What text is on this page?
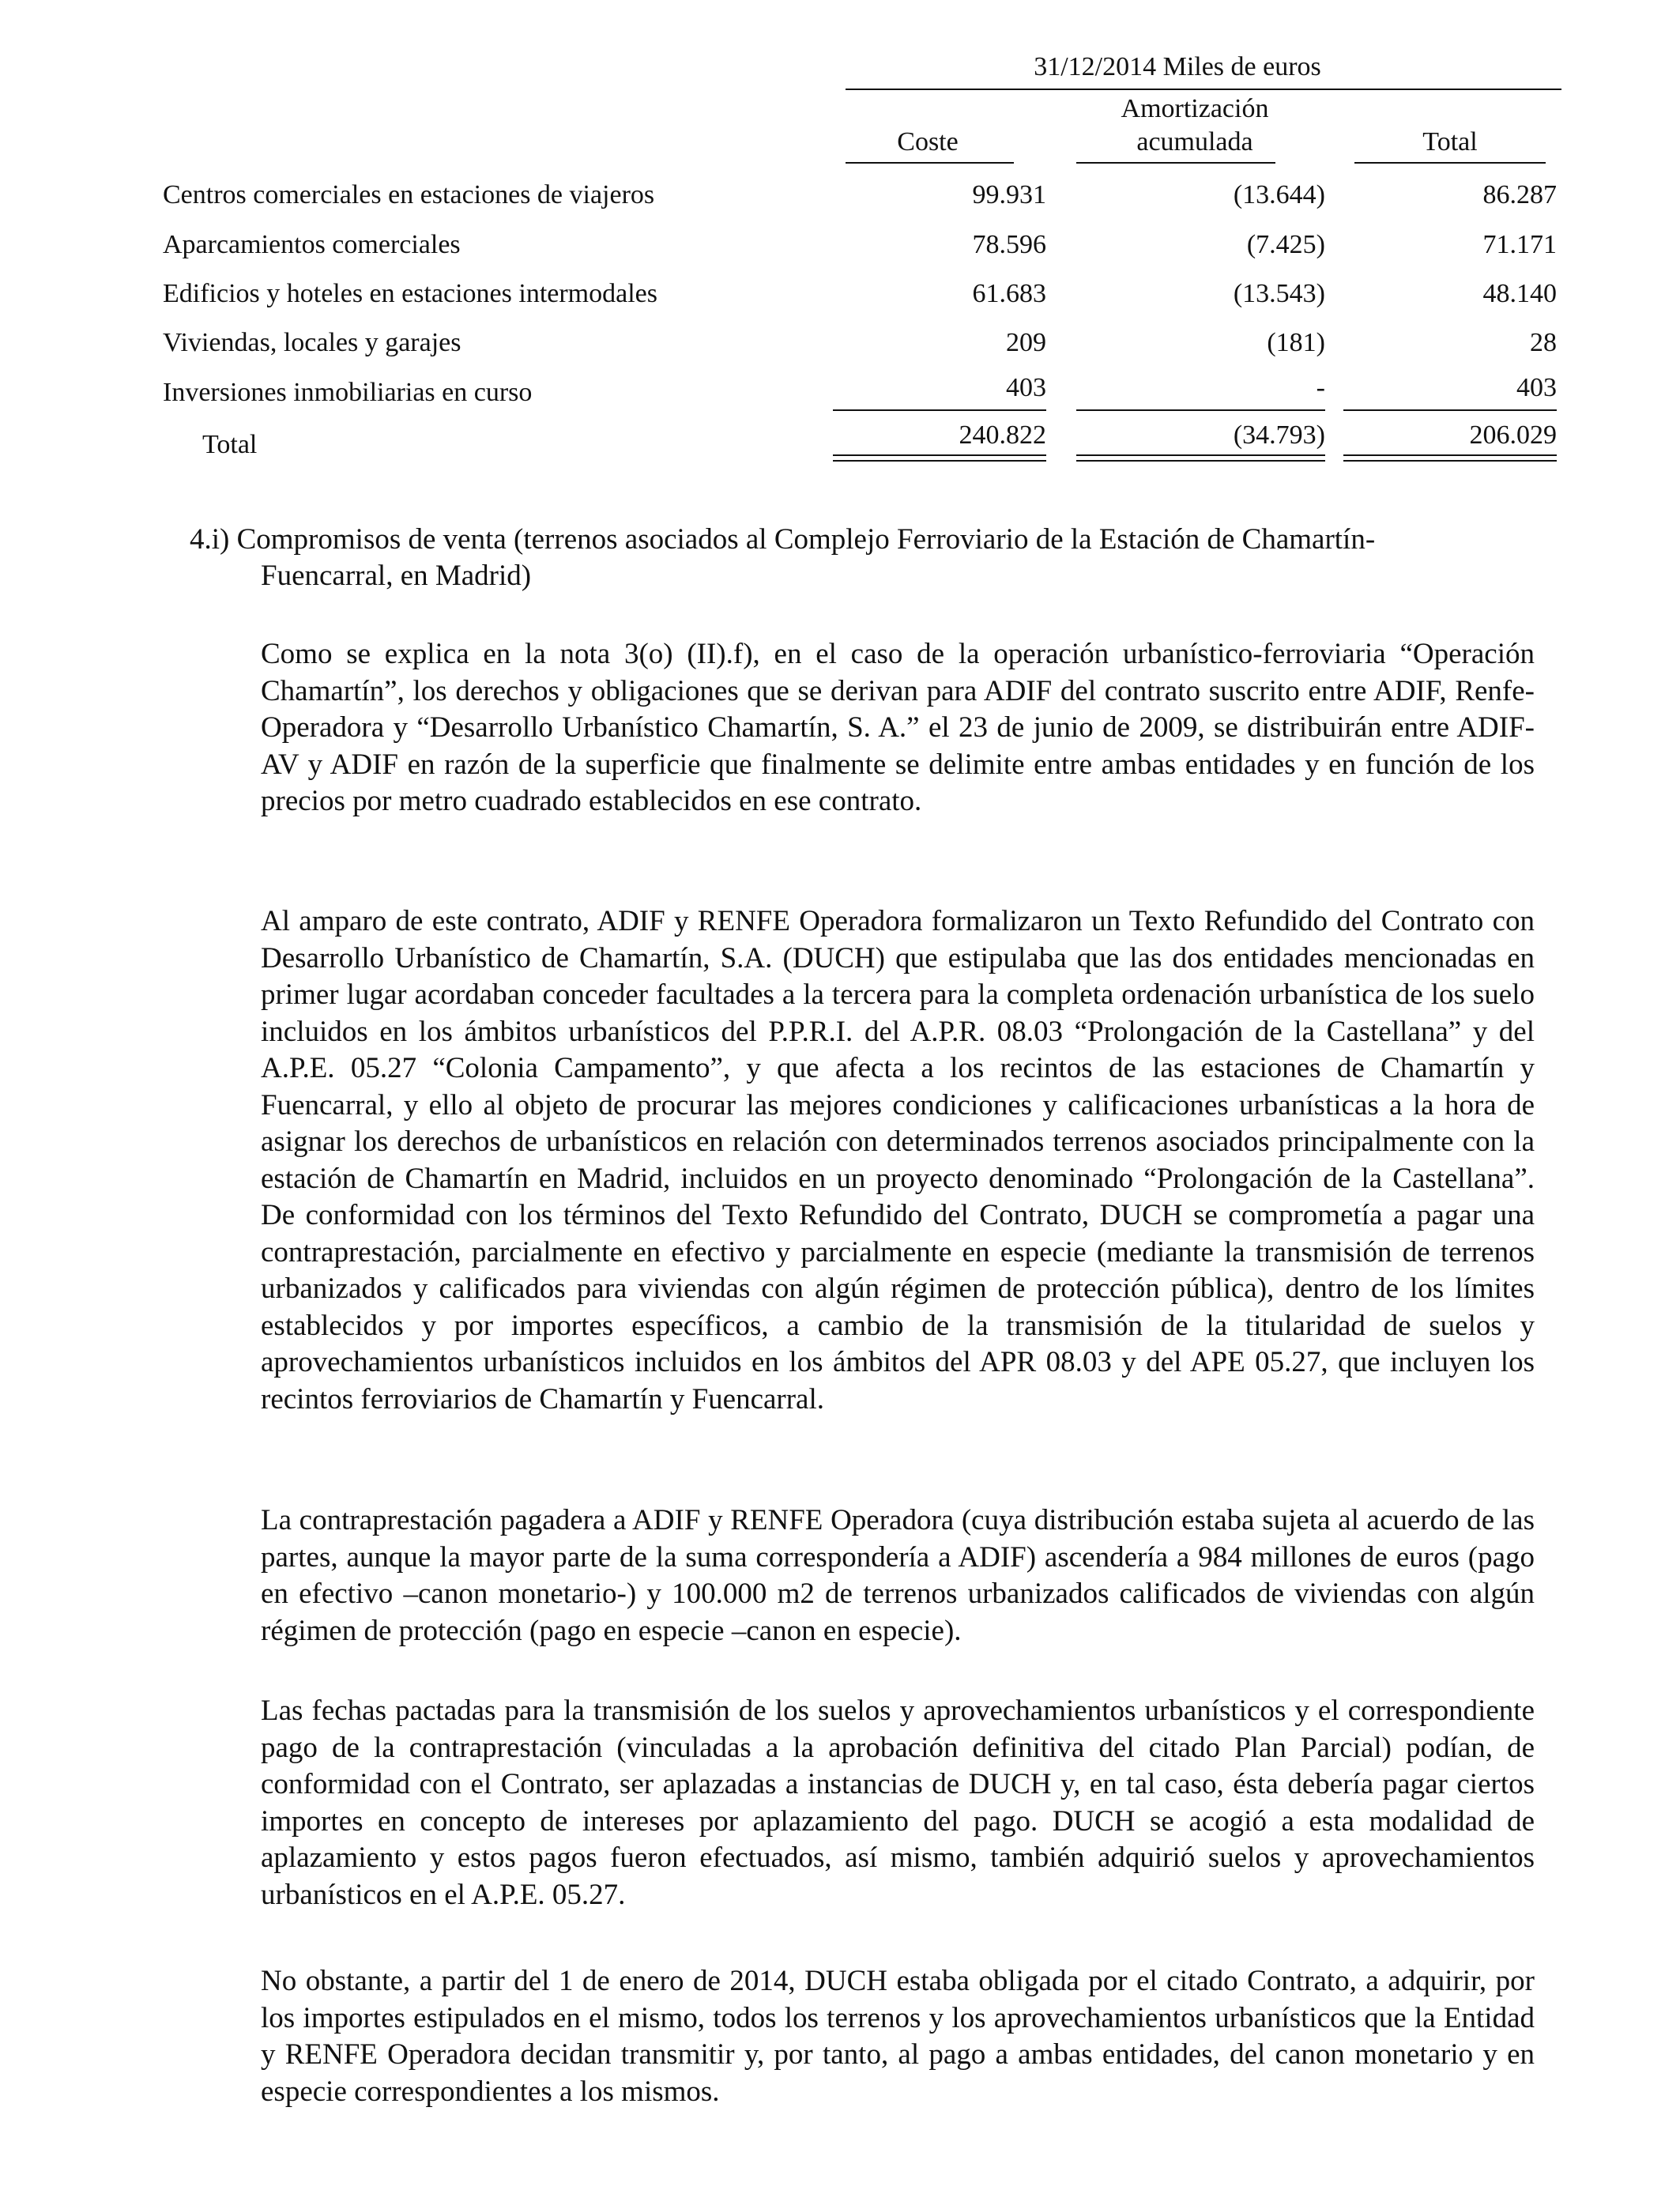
31/12/2014 Miles de euros
Amortización
Coste	acumulada	Total
Centros comerciales en estaciones de viajeros	99.931	(13.644)	86.287
Aparcamientos comerciales	78.596	(7.425)	71.171
Edificios y hoteles en estaciones intermodales	61.683	(13.543)	48.140
Viviendas, locales y garajes	209	(181)	28
Inversiones inmobiliarias en curso	403	-	403
Total	240.822	(34.793)	206.029
4.i) Compromisos de venta (terrenos asociados al Complejo Ferroviario de la Estación de Chamartín-
Fuencarral, en Madrid)

Como se explica en la nota 3(o) (II).f), en el caso de la operación urbanístico-ferroviaria “Operación Chamartín”, los derechos y obligaciones que se derivan para ADIF del contrato suscrito entre ADIF, Renfe-Operadora y “Desarrollo Urbanístico Chamartín, S. A.” el 23 de junio de 2009, se distribuirán entre ADIF-AV y ADIF en razón de la superficie que finalmente se delimite entre ambas entidades y en función de los precios por metro cuadrado establecidos en ese contrato.

Al amparo de este contrato, ADIF y RENFE Operadora formalizaron un Texto Refundido del Contrato con Desarrollo Urbanístico de Chamartín, S.A. (DUCH) que estipulaba que las dos entidades mencionadas en primer lugar acordaban conceder facultades a la tercera para la completa ordenación urbanística de los suelo incluidos en los ámbitos urbanísticos del P.P.R.I. del A.P.R. 08.03 “Prolongación de la Castellana” y del A.P.E. 05.27 “Colonia Campamento”, y que afecta a los recintos de las estaciones de Chamartín y Fuencarral, y ello al objeto de procurar las mejores condiciones y calificaciones urbanísticas a la hora de asignar los derechos de urbanísticos en relación con determinados terrenos asociados principalmente con la estación de Chamartín en Madrid, incluidos en un proyecto denominado “Prolongación de la Castellana”. De conformidad con los términos del Texto Refundido del Contrato, DUCH se comprometía a pagar una contraprestación, parcialmente en efectivo y parcialmente en especie (mediante la transmisión de terrenos urbanizados y calificados para viviendas con algún régimen de protección pública), dentro de los límites establecidos y por importes específicos, a cambio de la transmisión de la titularidad de suelos y aprovechamientos urbanísticos incluidos en los ámbitos del APR 08.03 y del APE 05.27, que incluyen los recintos ferroviarios de Chamartín y Fuencarral.

La contraprestación pagadera a ADIF y RENFE Operadora (cuya distribución estaba sujeta al acuerdo de las partes, aunque la mayor parte de la suma correspondería a ADIF) ascendería a 984 millones de euros (pago en efectivo –canon monetario-) y 100.000 m2 de terrenos urbanizados calificados de viviendas con algún régimen de protección (pago en especie –canon en especie).

Las fechas pactadas para la transmisión de los suelos y aprovechamientos urbanísticos y el correspondiente pago de la contraprestación (vinculadas a la aprobación definitiva del citado Plan Parcial) podían, de conformidad con el Contrato, ser aplazadas a instancias de DUCH y, en tal caso, ésta debería pagar ciertos importes en concepto de intereses por aplazamiento del pago. DUCH se acogió a esta modalidad de aplazamiento y estos pagos fueron efectuados, así mismo, también adquirió suelos y aprovechamientos urbanísticos en el A.P.E. 05.27.

No obstante, a partir del 1 de enero de 2014, DUCH estaba obligada por el citado Contrato, a adquirir, por los importes estipulados en el mismo, todos los terrenos y los aprovechamientos urbanísticos que la Entidad y RENFE Operadora decidan transmitir y, por tanto, al pago a ambas entidades, del canon monetario y en especie correspondientes a los mismos.
